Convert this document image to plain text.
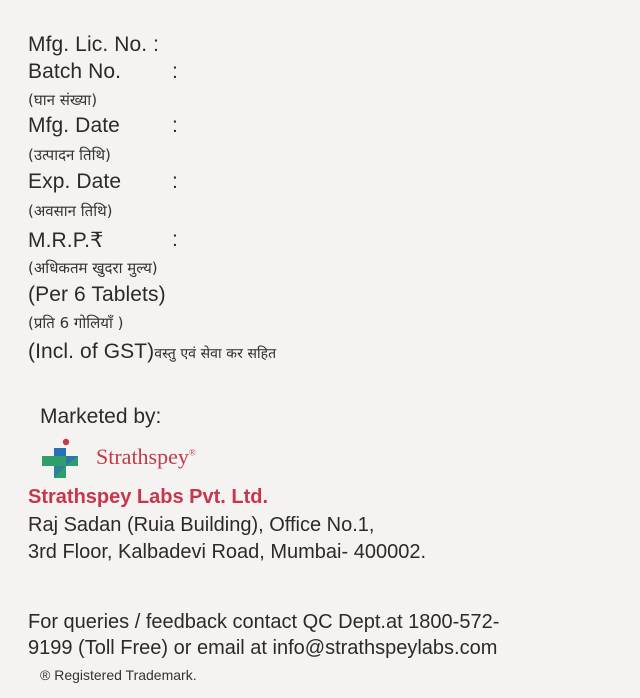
Mfg. Lic. No. :
Batch No. :
(घान संख्या)
Mfg. Date :
(उत्पादन तिथि)
Exp. Date :
(अवसान तिथि)
M.R.P.₹	:
(अधिकतम खुदरा मुल्य)
(Per 6 Tablets)
(प्रति 6 गोलियाँ )
(Incl. of GST)वस्तु एवं सेवा कर सहित
Marketed by:
Strathspey®
Strathspey Labs Pvt. Ltd.
Raj Sadan (Ruia Building), Office No.1,
3rd Floor, Kalbadevi Road, Mumbai- 400002.
For queries / feedback contact QC Dept.at 1800-572-
9199 (Toll Free) or email at info@strathspeylabs.com
® Registered Trademark.
